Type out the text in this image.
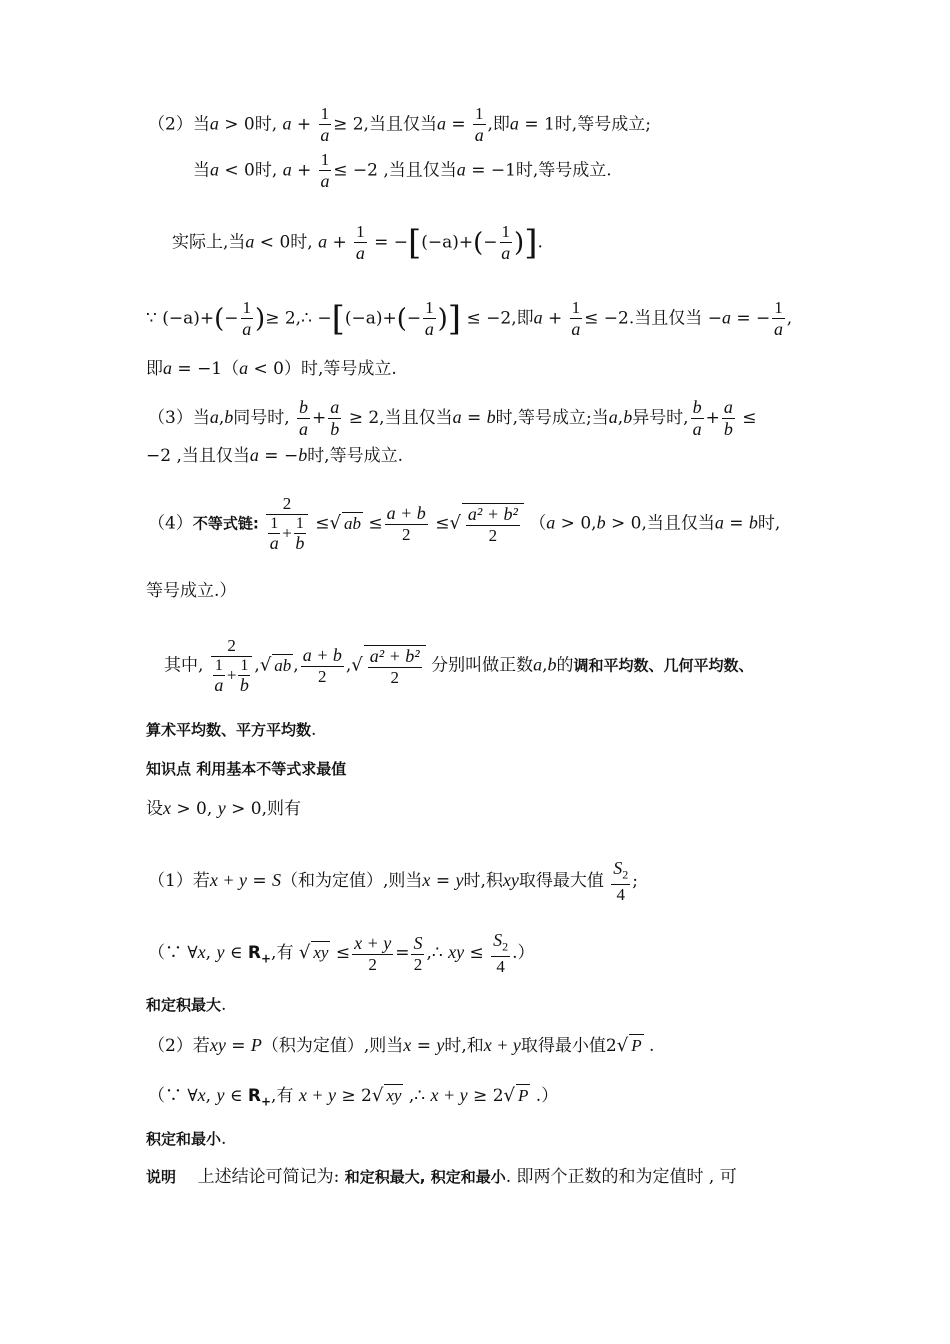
（2）当a > 0时, $a + \frac{1}{a} \ge 2$,当且仅当$a = \frac{1}{a}$ ,即a = 1时,等号成立;
当a < 0时, $a + \frac{1}{a} \le -2$ ,当且仅当a = −1时,等号成立.
实际上,当a < 0时, $a + \frac{1}{a} = -[(-a)+(- \frac{1}{a}$ )].
∵ $(-a)+(- \frac{1}{a}$ )≥ 2,∴ $-[(-a)+(- \frac{1}{a}$ )] ≤ −2,即$a + \frac{1}{a} \le -2$.当且仅当 −a = − $\frac{1}{a}$ ,
即a = −1（a < 0）时,等号成立.
（3）当a,b同号时, $\frac{b}{a} + \frac{a}{b} \ge 2$,当且仅当a = b时,等号成立;当a,b异号时, $\frac{b}{a} + \frac{a}{b}$ ≤
−2 ,当且仅当a = −b时,等号成立.
（4）不等式链: $\frac{2}{\frac{1}{a} + \frac{1}{b}}$ ≤√ ab ≤ $\frac{a + b}{2}$ ≤√ $\frac{\text{a² + b²}}{2} (a > 0,b > 0$,当且仅当a = b时,
等号成立.）
其中, $\frac{2}{\frac{1}{a} + \frac{1}{b}}$ ,√ ab , $\frac{a + b}{2}$ ,√ $\frac{\text{a² + b²}}{2}$ 分别叫做正数a,b的调和平均数、几何平均数、
算术平均数、平方平均数.
知识点 利用基本不等式求最值
设x > 0, y > 0,则有
（1）若x + y = S（和为定值）,则当x = y时,积xy取得最大值 $\frac{S_2}{4}$ ;
（∵ ∀x, y ∈ $R_+$,有 √ xy ≤ $\frac{x + y}{2} = \frac{S}{2}$ ,∴ xy ≤ $\frac{S_2}{4}$ .）
和定积最大.
（2）若xy = P（积为定值）,则当x = y时,和x + y取得最小值2√ P .
（∵ ∀x, y ∈ $R_+$,有 x + y ≥ 2√ xy ,∴ x + y ≥ 2√ P .）
积定和最小.
说明 上述结论可简记为: 和定积最大, 积定和最小. 即两个正数的和为定值时 , 可
